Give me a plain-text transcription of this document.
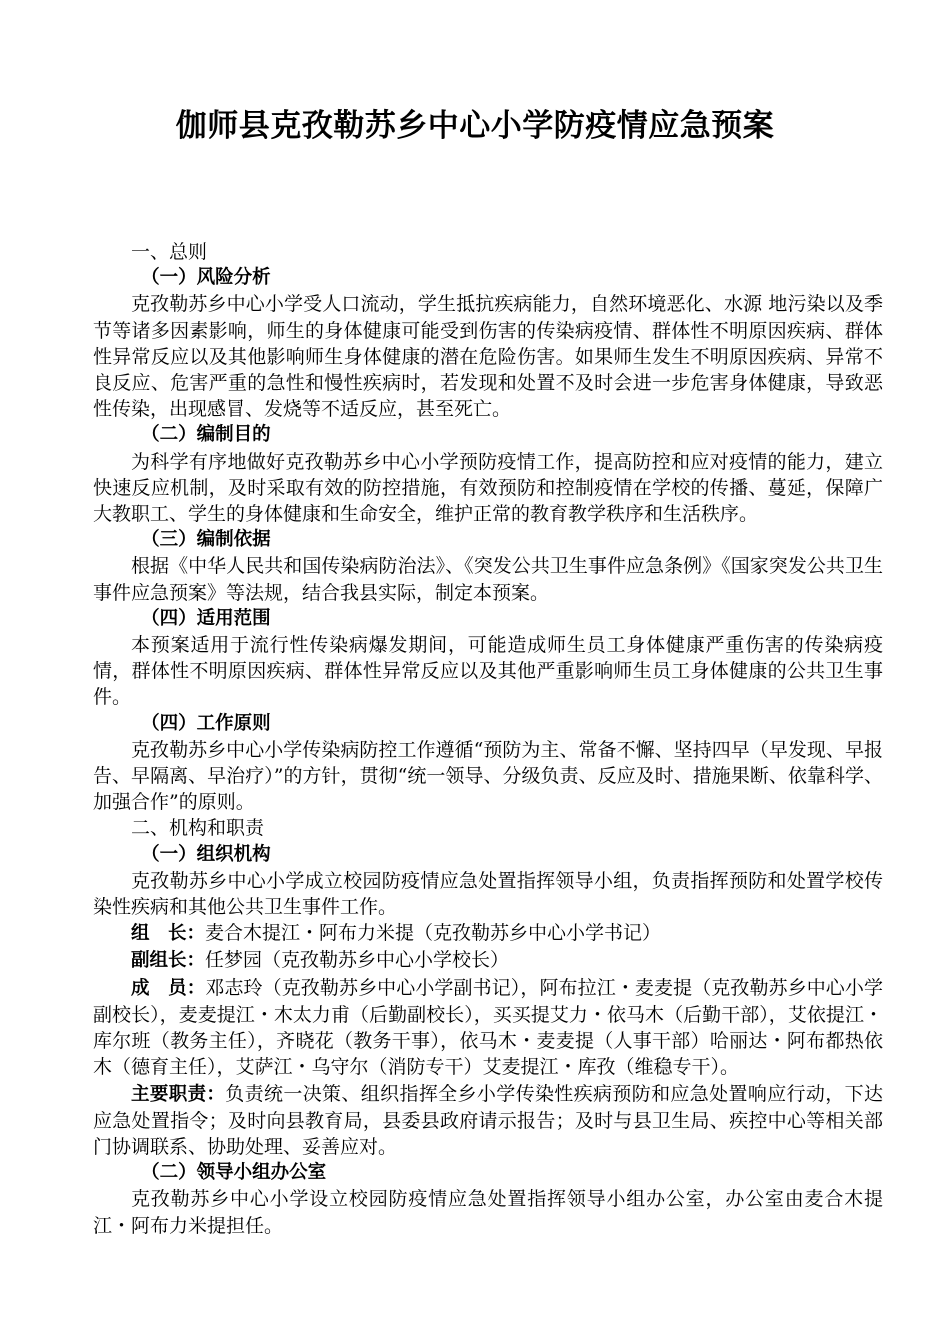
伽师县克孜勒苏乡中心小学防疫情应急预案

一、总则

（一）风险分析

克孜勒苏乡中心小学受人口流动，学生抵抗疾病能力，自然环境恶化、水源 地污染以及季节等诸多因素影响，师生的身体健康可能受到伤害的传染病疫情、群体性不明原因疾病、群体性异常反应以及其他影响师生身体健康的潜在危险伤害。如果师生发生不明原因疾病、异常不良反应、危害严重的急性和慢性疾病时，若发现和处置不及时会进一步危害身体健康，导致恶性传染，出现感冒、发烧等不适反应，甚至死亡。

（二）编制目的

为科学有序地做好克孜勒苏乡中心小学预防疫情工作，提高防控和应对疫情的能力，建立快速反应机制，及时采取有效的防控措施，有效预防和控制疫情在学校的传播、蔓延，保障广大教职工、学生的身体健康和生命安全，维护正常的教育教学秩序和生活秩序。

（三）编制依据

根据《中华人民共和国传染病防治法》、《突发公共卫生事件应急条例》《国家突发公共卫生事件应急预案》等法规，结合我县实际，制定本预案。

（四）适用范围

本预案适用于流行性传染病爆发期间，可能造成师生员工身体健康严重伤害的传染病疫情，群体性不明原因疾病、群体性异常反应以及其他严重影响师生员工身体健康的公共卫生事件。

（四）工作原则

克孜勒苏乡中心小学传染病防控工作遵循“预防为主、常备不懈、坚持四早（早发现、早报告、早隔离、早治疗）”的方针，贯彻“统一领导、分级负责、反应及时、措施果断、依靠科学、加强合作”的原则。

二、机构和职责

（一）组织机构

克孜勒苏乡中心小学成立校园防疫情应急处置指挥领导小组，负责指挥预防和处置学校传染性疾病和其他公共卫生事件工作。

组　长：麦合木提江・阿布力米提（克孜勒苏乡中心小学书记）

副组长：任梦园（克孜勒苏乡中心小学校长）

成　员：邓志玲（克孜勒苏乡中心小学副书记），阿布拉江・麦麦提（克孜勒苏乡中心小学副校长），麦麦提江・木太力甫（后勤副校长），买买提艾力・依马木（后勤干部），艾依提江・库尔班（教务主任），齐晓花（教务干事），依马木・麦麦提（人事干部）哈丽达・阿布都热依木（德育主任），艾萨江・乌守尔（消防专干）艾麦提江・库孜（维稳专干）。

主要职责：负责统一决策、组织指挥全乡小学传染性疾病预防和应急处置响应行动，下达应急处置指令；及时向县教育局，县委县政府请示报告；及时与县卫生局、疾控中心等相关部门协调联系、协助处理、妥善应对。

（二）领导小组办公室

克孜勒苏乡中心小学设立校园防疫情应急处置指挥领导小组办公室，办公室由麦合木提江・阿布力米提担任。
